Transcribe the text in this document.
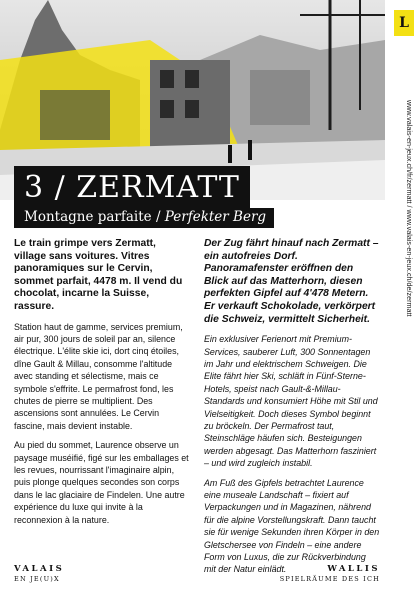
L
www.valais-en-jeux.ch/fr/zermatt / www.valais-en-jeux.ch/de/zermatt
3 / ZERMATT
Montagne parfaite / Perfekter Berg

Le train grimpe vers Zermatt, village sans voitures. Vitres panoramiques sur le Cervin, sommet parfait, 4478 m. Il vend du chocolat, incarne la Suisse, rassure.

Station haut de gamme, services premium, air pur, 300 jours de soleil par an, silence électrique. L'élite skie ici, dort cinq étoiles, dîne Gault & Millau, consomme l'altitude avec standing et sélectisme, mais ce symbole s'effrite. Le permafrost fond, les chutes de pierre se multiplient. Des ascensions sont annulées. Le Cervin fascine, mais devient instable.

Au pied du sommet, Laurence observe un paysage muséifié, figé sur les emballages et les revues, nourrissant l'imaginaire alpin, puis plonge quelques secondes son corps dans le lac glaciaire de Findelen. Une autre expérience du luxe qui invite à la reconnexion à la nature.

Der Zug fährt hinauf nach Zermatt – ein autofreies Dorf. Panoramafenster eröffnen den Blick auf das Matterhorn, diesen perfekten Gipfel auf 4'478 Metern. Er verkauft Schokolade, verkörpert die Schweiz, vermittelt Sicherheit.

Ein exklusiver Ferienort mit Premium-Services, sauberer Luft, 300 Sonnentagen im Jahr und elektrischem Schweigen. Die Elite fährt hier Ski, schläft in Fünf-Sterne-Hotels, speist nach Gault-&-Millau-Standards und konsumiert Höhe mit Stil und Vielseitigkeit. Doch dieses Symbol beginnt zu bröckeln. Der Permafrost taut, Steinschläge häufen sich. Besteigungen werden abgesagt. Das Matterhorn fasziniert – und wird zugleich instabil.

Am Fuß des Gipfels betrachtet Laurence eine museale Landschaft – fixiert auf Verpackungen und in Magazinen, nährend für die alpine Vorstellungskraft. Dann taucht sie für wenige Sekunden ihren Körper in den Gletschersee von Findeln – eine andere Form von Luxus, die zur Rückverbindung mit der Natur einlädt.

VALAIS
EN JE(U)X
WALLIS
SPIELRÄUME DES ICH
